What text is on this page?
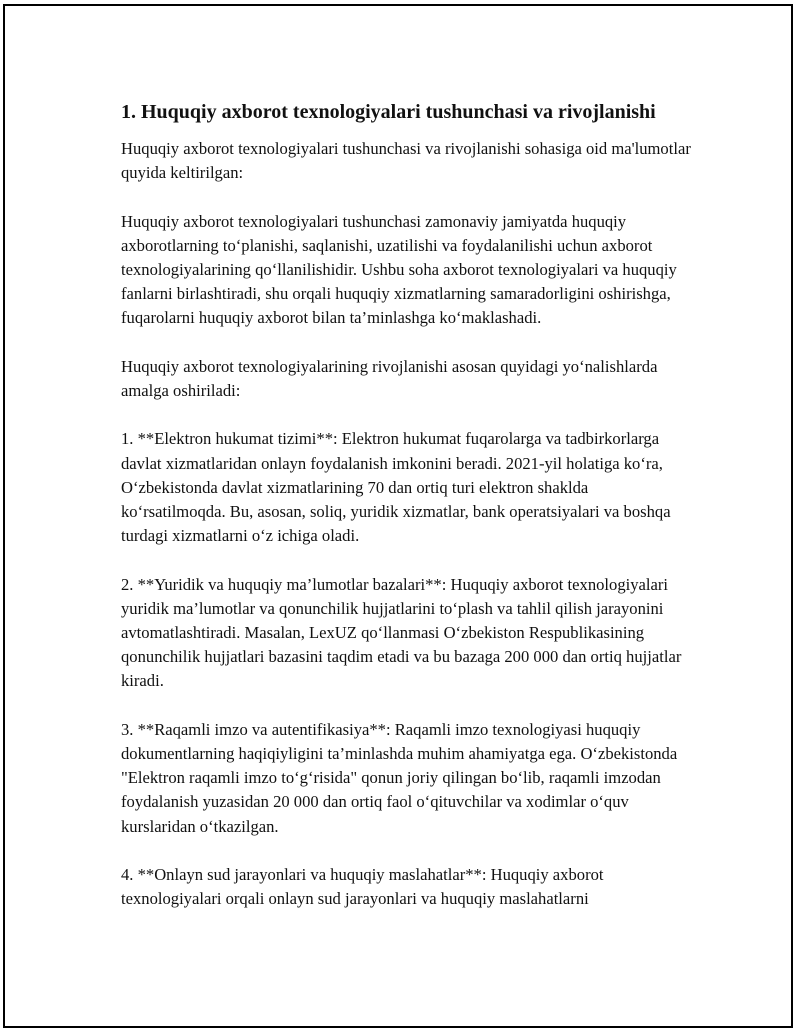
1. Huquqiy axborot texnologiyalari tushunchasi va rivojlanishi

Huquqiy axborot texnologiyalari tushunchasi va rivojlanishi sohasiga oid ma'lumotlar quyida keltirilgan:

Huquqiy axborot texnologiyalari tushunchasi zamonaviy jamiyatda huquqiy axborotlarning to‘planishi, saqlanishi, uzatilishi va foydalanilishi uchun axborot texnologiyalarining qo‘llanilishidir. Ushbu soha axborot texnologiyalari va huquqiy fanlarni birlashtiradi, shu orqali huquqiy xizmatlarning samaradorligini oshirishga, fuqarolarni huquqiy axborot bilan ta’minlashga ko‘maklashadi.

Huquqiy axborot texnologiyalarining rivojlanishi asosan quyidagi yo‘nalishlarda amalga oshiriladi:

1. **Elektron hukumat tizimi**: Elektron hukumat fuqarolarga va tadbirkorlarga davlat xizmatlaridan onlayn foydalanish imkonini beradi. 2021-yil holatiga ko‘ra, O‘zbekistonda davlat xizmatlarining 70 dan ortiq turi elektron shaklda ko‘rsatilmoqda. Bu, asosan, soliq, yuridik xizmatlar, bank operatsiyalari va boshqa turdagi xizmatlarni o‘z ichiga oladi.

2. **Yuridik va huquqiy ma’lumotlar bazalari**: Huquqiy axborot texnologiyalari yuridik ma’lumotlar va qonunchilik hujjatlarini to‘plash va tahlil qilish jarayonini avtomatlashtiradi. Masalan, LexUZ qo‘llanmasi O‘zbekiston Respublikasining qonunchilik hujjatlari bazasini taqdim etadi va bu bazaga 200 000 dan ortiq hujjatlar kiradi.

3. **Raqamli imzo va autentifikasiya**: Raqamli imzo texnologiyasi huquqiy dokumentlarning haqiqiyligini ta’minlashda muhim ahamiyatga ega. O‘zbekistonda "Elektron raqamli imzo to‘g‘risida" qonun joriy qilingan bo‘lib, raqamli imzodan foydalanish yuzasidan 20 000 dan ortiq faol o‘qituvchilar va xodimlar o‘quv kurslaridan o‘tkazilgan.

4. **Onlayn sud jarayonlari va huquqiy maslahatlar**: Huquqiy axborot texnologiyalari orqali onlayn sud jarayonlari va huquqiy maslahatlarni
